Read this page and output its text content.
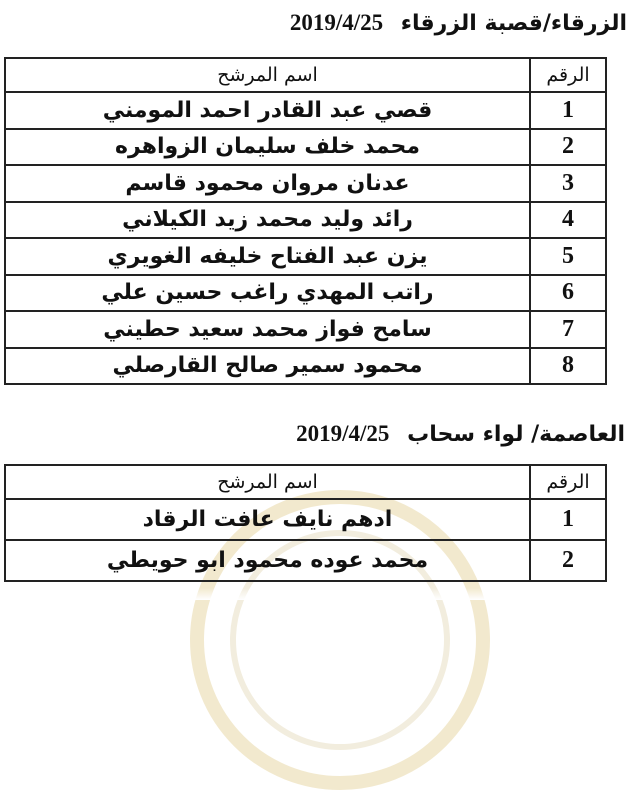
الزرقاء/قصبة الزرقاء 2019/4/25
الرقم	اسم المرشح
1	قصي عبد القادر احمد المومني
2	محمد خلف سليمان الزواهره
3	عدنان مروان محمود قاسم
4	رائد وليد محمد زيد الكيلاني
5	يزن عبد الفتاح خليفه الغويري
6	راتب المهدي راغب حسين علي
7	سامح فواز محمد سعيد حطيني
8	محمود سمير صالح القارصلي
العاصمة/ لواء سحاب 2019/4/25
الرقم	اسم المرشح
1	ادهم نايف عافت الرقاد
2	محمد عوده محمود ابو حويطي
